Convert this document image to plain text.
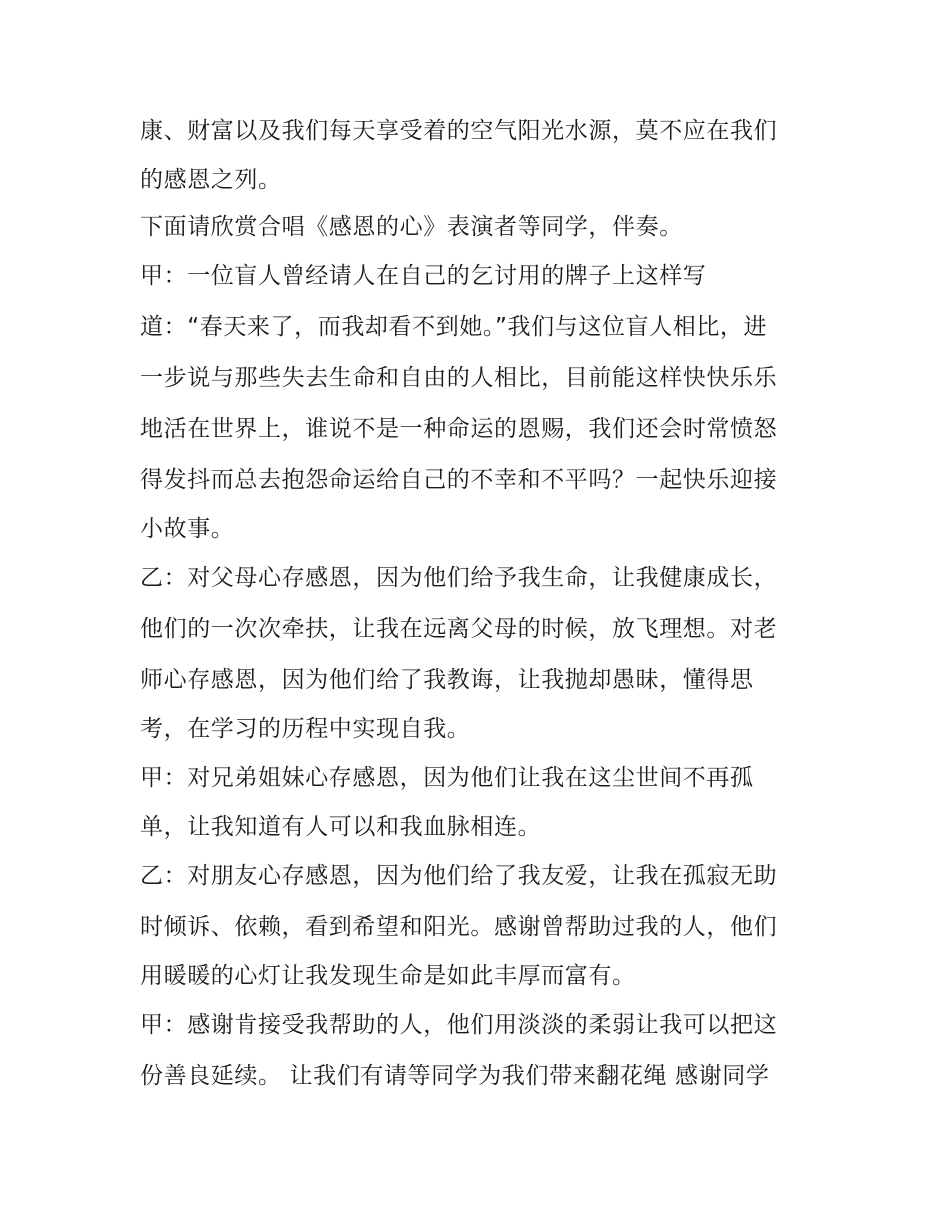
康、财富以及我们每天享受着的空气阳光水源，莫不应在我们
的感恩之列。
下面请欣赏合唱《感恩的心》表演者等同学，伴奏。
甲：一位盲人曾经请人在自己的乞讨用的牌子上这样写
道：“春天来了，而我却看不到她。”我们与这位盲人相比，进
一步说与那些失去生命和自由的人相比，目前能这样快快乐乐
地活在世界上，谁说不是一种命运的恩赐，我们还会时常愤怒
得发抖而总去抱怨命运给自己的不幸和不平吗？一起快乐迎接
小故事。
乙：对父母心存感恩，因为他们给予我生命，让我健康成长，
他们的一次次牵扶，让我在远离父母的时候，放飞理想。对老
师心存感恩，因为他们给了我教诲，让我抛却愚昧，懂得思
考，在学习的历程中实现自我。
甲：对兄弟姐妹心存感恩，因为他们让我在这尘世间不再孤
单，让我知道有人可以和我血脉相连。
乙：对朋友心存感恩，因为他们给了我友爱，让我在孤寂无助
时倾诉、依赖，看到希望和阳光。感谢曾帮助过我的人，他们
用暖暖的心灯让我发现生命是如此丰厚而富有。
甲：感谢肯接受我帮助的人，他们用淡淡的柔弱让我可以把这
份善良延续。 让我们有请等同学为我们带来翻花绳 感谢同学
